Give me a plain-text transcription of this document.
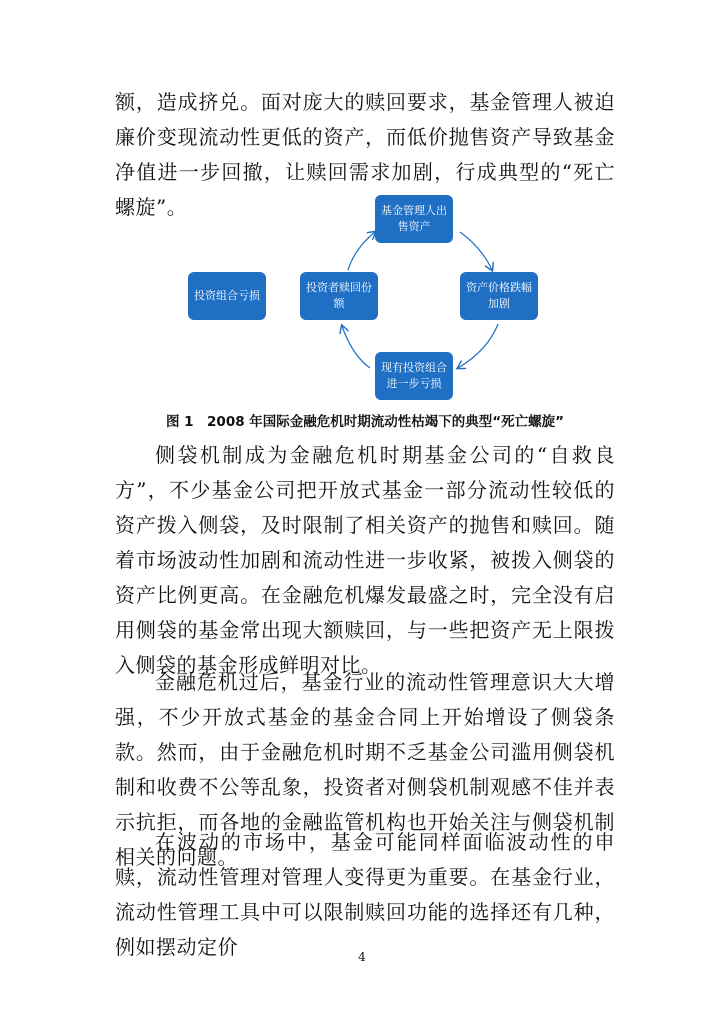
额，造成挤兑。面对庞大的赎回要求，基金管理人被迫廉价变现流动性更低的资产，而低价抛售资产导致基金净值进一步回撤，让赎回需求加剧，行成典型的“死亡螺旋”。	基金管理人出售资产
投资组合亏损
投资者赎回份额
资产价格跌幅加剧
现有投资组合进一步亏损
图 1　2008 年国际金融危机时期流动性枯竭下的典型“死亡螺旋”

侧袋机制成为金融危机时期基金公司的“自救良方”，不少基金公司把开放式基金一部分流动性较低的资产拨入侧袋，及时限制了相关资产的抛售和赎回。随着市场波动性加剧和流动性进一步收紧，被拨入侧袋的资产比例更高。在金融危机爆发最盛之时，完全没有启用侧袋的基金常出现大额赎回，与一些把资产无上限拨入侧袋的基金形成鲜明对比。

金融危机过后，基金行业的流动性管理意识大大增强，不少开放式基金的基金合同上开始增设了侧袋条款。然而，由于金融危机时期不乏基金公司滥用侧袋机制和收费不公等乱象，投资者对侧袋机制观感不佳并表示抗拒，而各地的金融监管机构也开始关注与侧袋机制相关的问题。

在波动的市场中，基金可能同样面临波动性的申赎，流动性管理对管理人变得更为重要。在基金行业，流动性管理工具中可以限制赎回功能的选择还有几种，例如摆动定价	4
